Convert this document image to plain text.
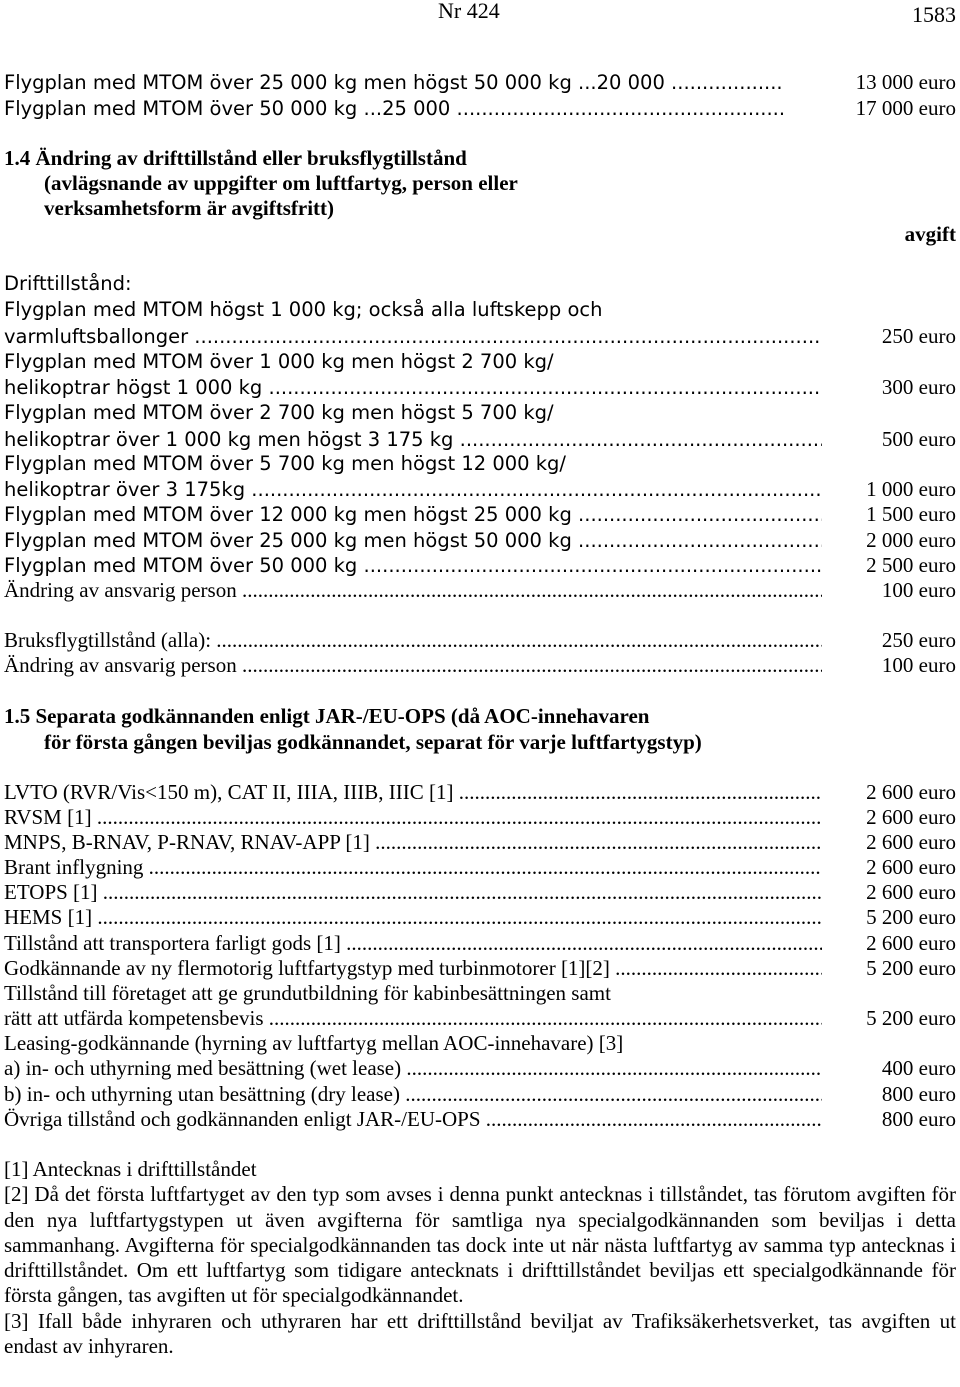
Nr 424	1583
Flygplan med MTOM över 25 000 kg men högst 50 000 kg ...20 000 .....	13 000 euro
Flygplan med MTOM över 50 000 kg ...25 000 .....	17 000 euro
1.4 Ändring av drifttillstånd eller bruksflygtillstånd
(avlägsnande av uppgifter om luftfartyg, person eller
verksamhetsform är avgiftsfritt)
avgift
Drifttillstånd:
Flygplan med MTOM högst 1 000 kg; också alla luftskepp och
varmluftsballonger .....	250 euro
Flygplan med MTOM över 1 000 kg men högst 2 700 kg/
helikoptrar högst 1 000 kg .....	300 euro
Flygplan med MTOM över 2 700 kg men högst 5 700 kg/
helikoptrar över 1 000 kg men högst 3 175 kg .....	500 euro
Flygplan med MTOM över 5 700 kg men högst 12 000 kg/
helikoptrar över 3 175kg .....	1 000 euro
Flygplan med MTOM över 12 000 kg men högst 25 000 kg .....	1 500 euro
Flygplan med MTOM över 25 000 kg men högst 50 000 kg .....	2 000 euro
Flygplan med MTOM över 50 000 kg .....	2 500 euro
Ändring av ansvarig person .....	100 euro
Bruksflygtillstånd (alla): .....	250 euro
Ändring av ansvarig person .....	100 euro
1.5 Separata godkännanden enligt JAR-/EU-OPS (då AOC-innehavaren
för första gången beviljas godkännandet, separat för varje luftfartygstyp)
LVTO (RVR/Vis<150 m), CAT II, IIIA, IIIB, IIIC [1] .....	2 600 euro
RVSM [1] .....	2 600 euro
MNPS, B-RNAV, P-RNAV, RNAV-APP [1] .....	2 600 euro
Brant inflygning .....	2 600 euro
ETOPS [1] .....	2 600 euro
HEMS [1] .....	5 200 euro
Tillstånd att transportera farligt gods [1] .....	2 600 euro
Godkännande av ny flermotorig luftfartygstyp med turbinmotorer [1][2] .....	5 200 euro
Tillstånd till företaget att ge grundutbildning för kabinbesättningen samt
rätt att utfärda kompetensbevis .....	5 200 euro
Leasing-godkännande (hyrning av luftfartyg mellan AOC-innehavare) [3]
a) in- och uthyrning med besättning (wet lease) .....	400 euro
b) in- och uthyrning utan besättning (dry lease) .....	800 euro
Övriga tillstånd och godkännanden enligt JAR-/EU-OPS .....	800 euro

[1] Antecknas i drifttillståndet

[2] Då det första luftfartyget av den typ som avses i denna punkt antecknas i tillståndet, tas förutom avgiften för den nya luftfartygstypen ut även avgifterna för samtliga nya specialgodkännanden som beviljas i detta sammanhang. Avgifterna för specialgodkännanden tas dock inte ut när nästa luftfartyg av samma typ antecknas i drifttillståndet. Om ett luftfartyg som tidigare antecknats i drifttillståndet beviljas ett specialgodkännande för första gången, tas avgiften ut för specialgodkännandet.

[3] Ifall både inhyraren och uthyraren har ett drifttillstånd beviljat av Trafiksäkerhetsverket, tas avgiften ut endast av inhyraren.
